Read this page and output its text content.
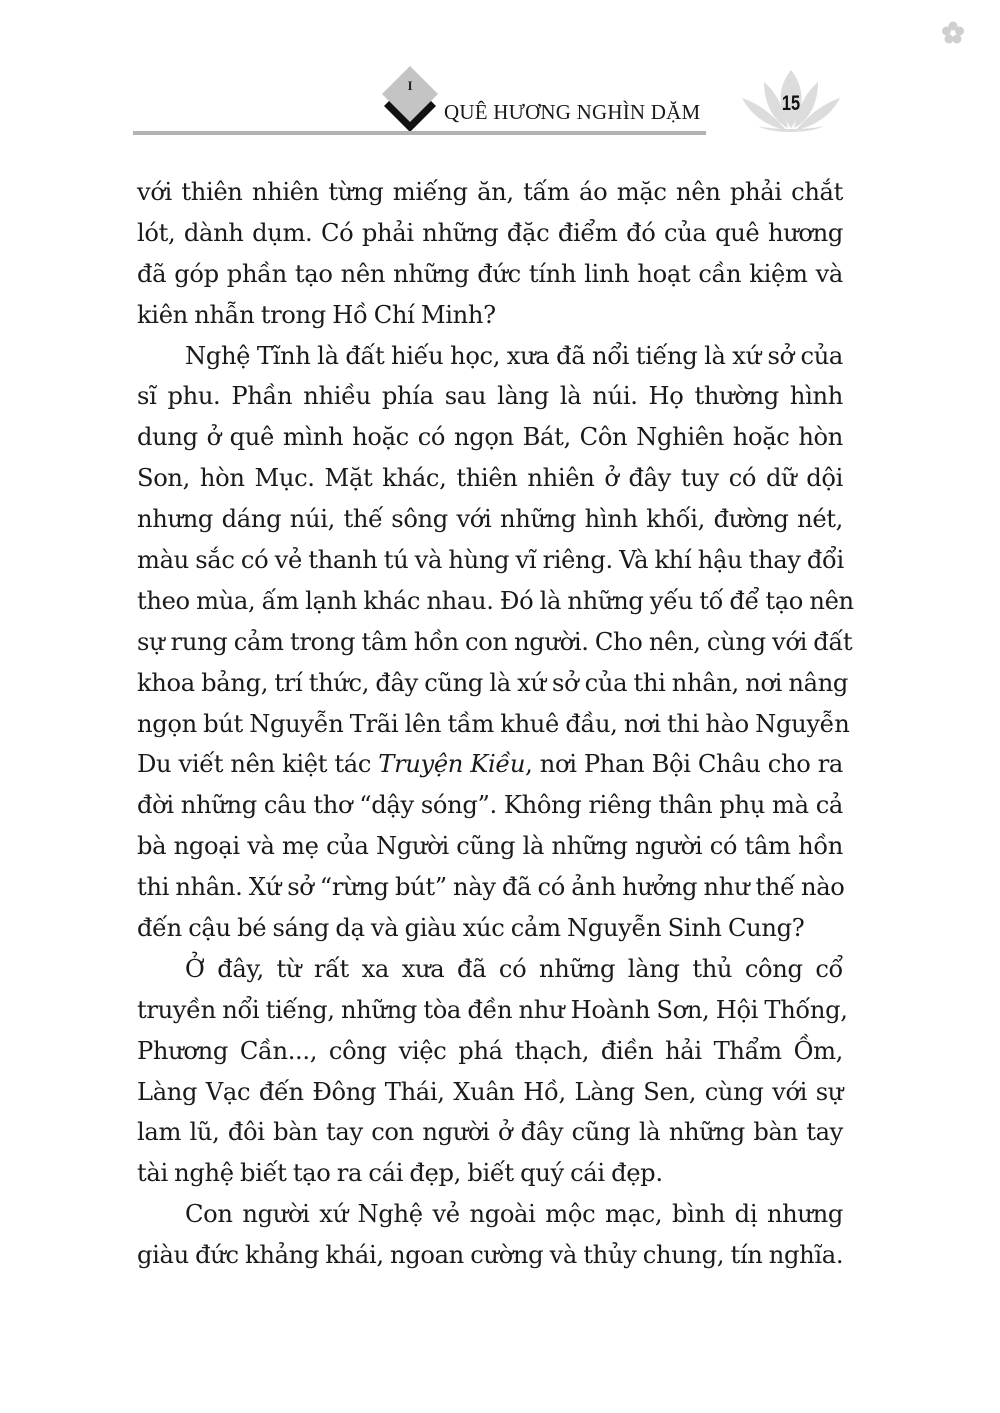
I
QUÊ HƯƠNG NGHÌN DẶM	15
với thiên nhiên từng miếng ăn, tấm áo mặc nên phải chắt
lót, dành dụm. Có phải những đặc điểm đó của quê hương
đã góp phần tạo nên những đức tính linh hoạt cần kiệm và
kiên nhẫn trong Hồ Chí Minh?
Nghệ Tĩnh là đất hiếu học, xưa đã nổi tiếng là xứ sở của
sĩ phu. Phần nhiều phía sau làng là núi. Họ thường hình
dung ở quê mình hoặc có ngọn Bát, Côn Nghiên hoặc hòn
Son, hòn Mục. Mặt khác, thiên nhiên ở đây tuy có dữ dội
nhưng dáng núi, thế sông với những hình khối, đường nét,
màu sắc có vẻ thanh tú và hùng vĩ riêng. Và khí hậu thay đổi
theo mùa, ấm lạnh khác nhau. Đó là những yếu tố để tạo nên
sự rung cảm trong tâm hồn con người. Cho nên, cùng với đất
khoa bảng, trí thức, đây cũng là xứ sở của thi nhân, nơi nâng
ngọn bút Nguyễn Trãi lên tầm khuê đầu, nơi thi hào Nguyễn
Du viết nên kiệt tác Truyện Kiều, nơi Phan Bội Châu cho ra
đời những câu thơ “dậy sóng”. Không riêng thân phụ mà cả
bà ngoại và mẹ của Người cũng là những người có tâm hồn
thi nhân. Xứ sở “rừng bút” này đã có ảnh hưởng như thế nào
đến cậu bé sáng dạ và giàu xúc cảm Nguyễn Sinh Cung?
Ở đây, từ rất xa xưa đã có những làng thủ công cổ
truyền nổi tiếng, những tòa đền như Hoành Sơn, Hội Thống,
Phương Cần..., công việc phá thạch, điền hải Thẩm Ồm,
Làng Vạc đến Đông Thái, Xuân Hồ, Làng Sen, cùng với sự
lam lũ, đôi bàn tay con người ở đây cũng là những bàn tay
tài nghệ biết tạo ra cái đẹp, biết quý cái đẹp.
Con người xứ Nghệ vẻ ngoài mộc mạc, bình dị nhưng
giàu đức khảng khái, ngoan cường và thủy chung, tín nghĩa.
